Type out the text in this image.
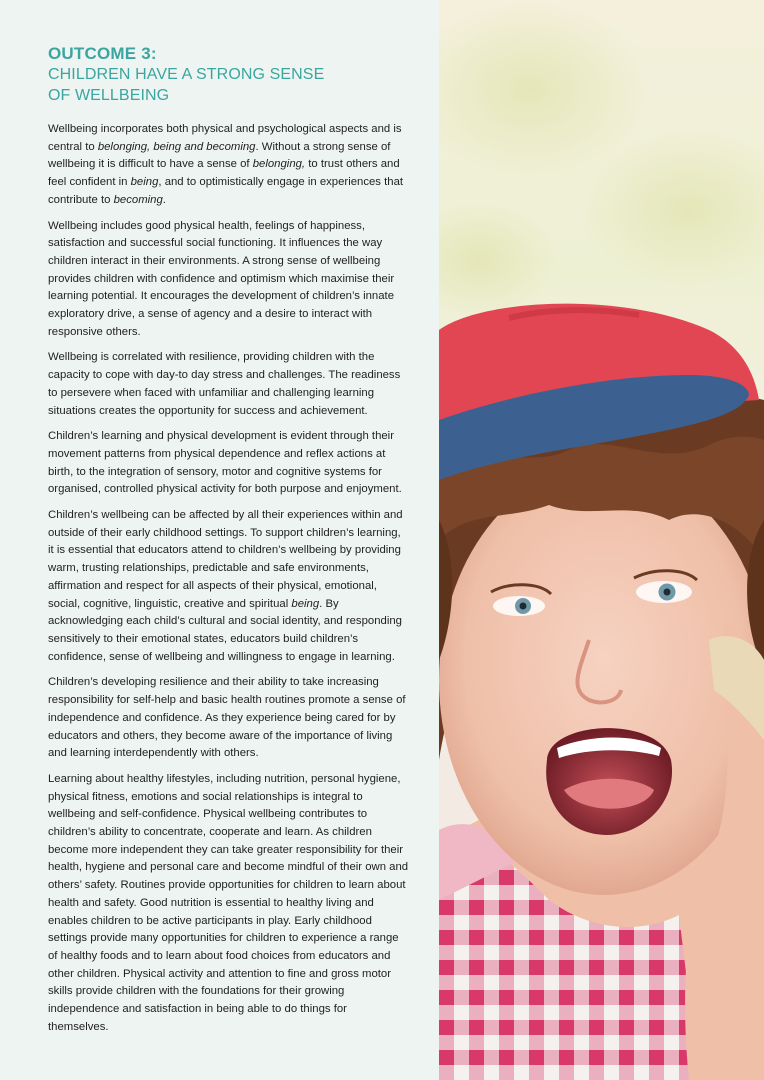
OUTCOME 3:
CHILDREN HAVE A STRONG SENSE
OF WELLBEING

Wellbeing incorporates both physical and psychological aspects and is central to belonging, being and becoming. Without a strong sense of wellbeing it is difficult to have a sense of belonging, to trust others and feel confident in being, and to optimistically engage in experiences that contribute to becoming.

Wellbeing includes good physical health, feelings of happiness, satisfaction and successful social functioning. It influences the way children interact in their environments. A strong sense of wellbeing provides children with confidence and optimism which maximise their learning potential. It encourages the development of children’s innate exploratory drive, a sense of agency and a desire to interact with responsive others.

Wellbeing is correlated with resilience, providing children with the capacity to cope with day-to day stress and challenges. The readiness to persevere when faced with unfamiliar and challenging learning situations creates the opportunity for success and achievement.

Children’s learning and physical development is evident through their movement patterns from physical dependence and reflex actions at birth, to the integration of sensory, motor and cognitive systems for organised, controlled physical activity for both purpose and enjoyment.

Children’s wellbeing can be affected by all their experiences within and outside of their early childhood settings. To support children’s learning, it is essential that educators attend to children’s wellbeing by providing warm, trusting relationships, predictable and safe environments, affirmation and respect for all aspects of their physical, emotional, social, cognitive, linguistic, creative and spiritual being. By acknowledging each child’s cultural and social identity, and responding sensitively to their emotional states, educators build children’s confidence, sense of wellbeing and willingness to engage in learning.

Children’s developing resilience and their ability to take increasing responsibility for self-help and basic health routines promote a sense of independence and confidence. As they experience being cared for by educators and others, they become aware of the importance of living and learning interdependently with others.

Learning about healthy lifestyles, including nutrition, personal hygiene, physical fitness, emotions and social relationships is integral to wellbeing and self-confidence. Physical wellbeing contributes to children’s ability to concentrate, cooperate and learn. As children become more independent they can take greater responsibility for their health, hygiene and personal care and become mindful of their own and others’ safety. Routines provide opportunities for children to learn about health and safety. Good nutrition is essential to healthy living and enables children to be active participants in play. Early childhood settings provide many opportunities for children to experience a range of healthy foods and to learn about food choices from educators and other children. Physical activity and attention to fine and gross motor skills provide children with the foundations for their growing independence and satisfaction in being able to do things for themselves.
